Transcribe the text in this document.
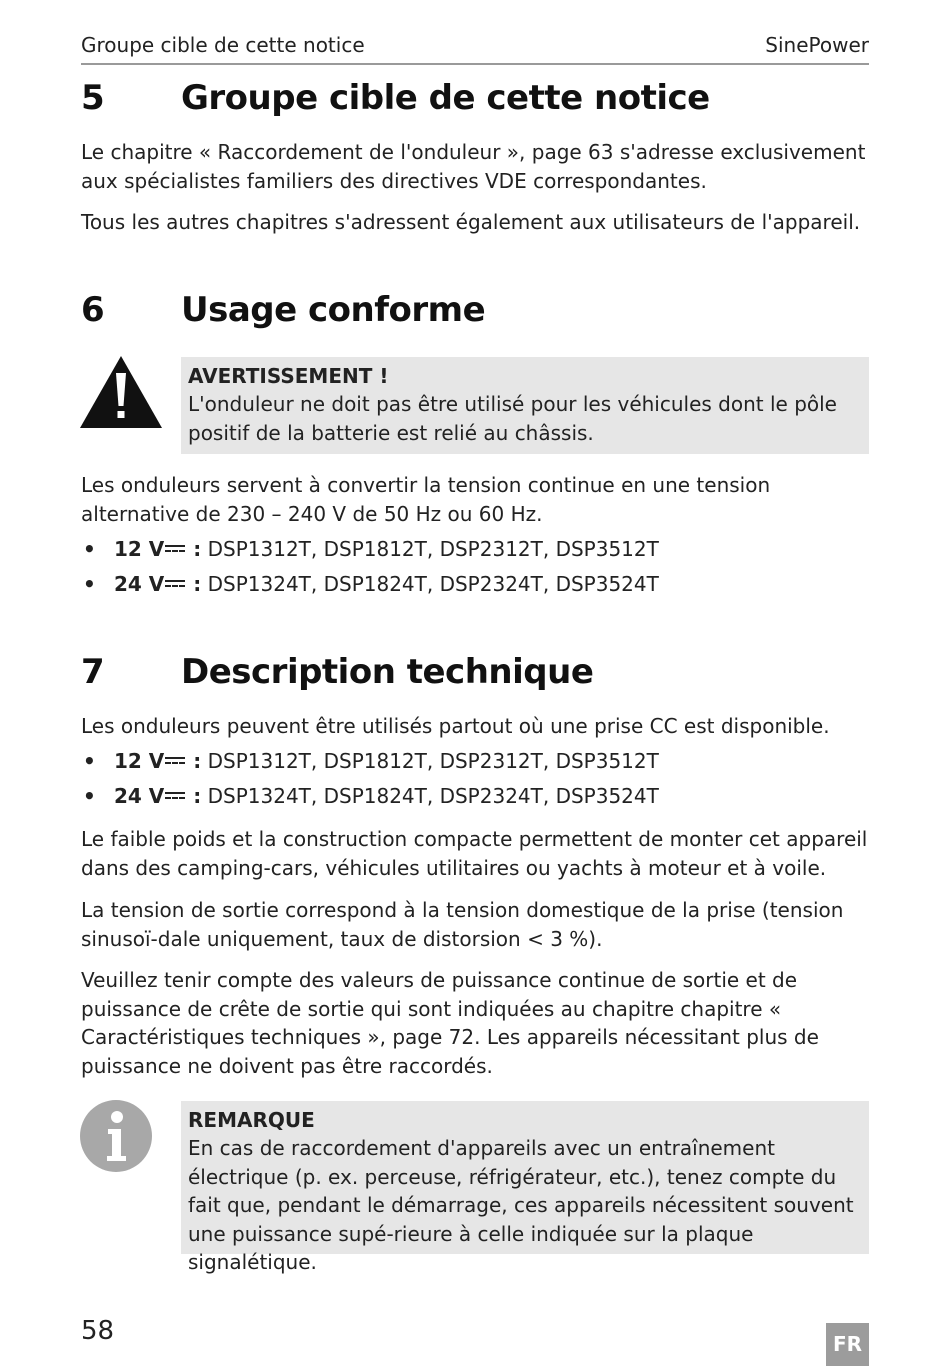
Groupe cible de cette notice	SinePower
5 Groupe cible de cette notice
Le chapitre « Raccordement de l'onduleur », page 63 s'adresse exclusivement aux spécialistes familiers des directives VDE correspondantes.
Tous les autres chapitres s'adressent également aux utilisateurs de l'appareil.
6 Usage conforme
AVERTISSEMENT !
L'onduleur ne doit pas être utilisé pour les véhicules dont le pôle positif de la batterie est relié au châssis.
Les onduleurs servent à convertir la tension continue en une tension alternative de 230 – 240 V de 50 Hz ou 60 Hz.
• 12 V : DSP1312T, DSP1812T, DSP2312T, DSP3512T
• 24 V : DSP1324T, DSP1824T, DSP2324T, DSP3524T
7 Description technique
Les onduleurs peuvent être utilisés partout où une prise CC est disponible.
• 12 V : DSP1312T, DSP1812T, DSP2312T, DSP3512T
• 24 V : DSP1324T, DSP1824T, DSP2324T, DSP3524T
Le faible poids et la construction compacte permettent de monter cet appareil dans des camping-cars, véhicules utilitaires ou yachts à moteur et à voile.
La tension de sortie correspond à la tension domestique de la prise (tension sinusoï-dale uniquement, taux de distorsion < 3 %).
Veuillez tenir compte des valeurs de puissance continue de sortie et de puissance de crête de sortie qui sont indiquées au chapitre chapitre « Caractéristiques techniques », page 72. Les appareils nécessitant plus de puissance ne doivent pas être raccordés.
REMARQUE
En cas de raccordement d'appareils avec un entraînement électrique (p. ex. perceuse, réfrigérateur, etc.), tenez compte du fait que, pendant le démarrage, ces appareils nécessitent souvent une puissance supé-rieure à celle indiquée sur la plaque signalétique.
58	FR
